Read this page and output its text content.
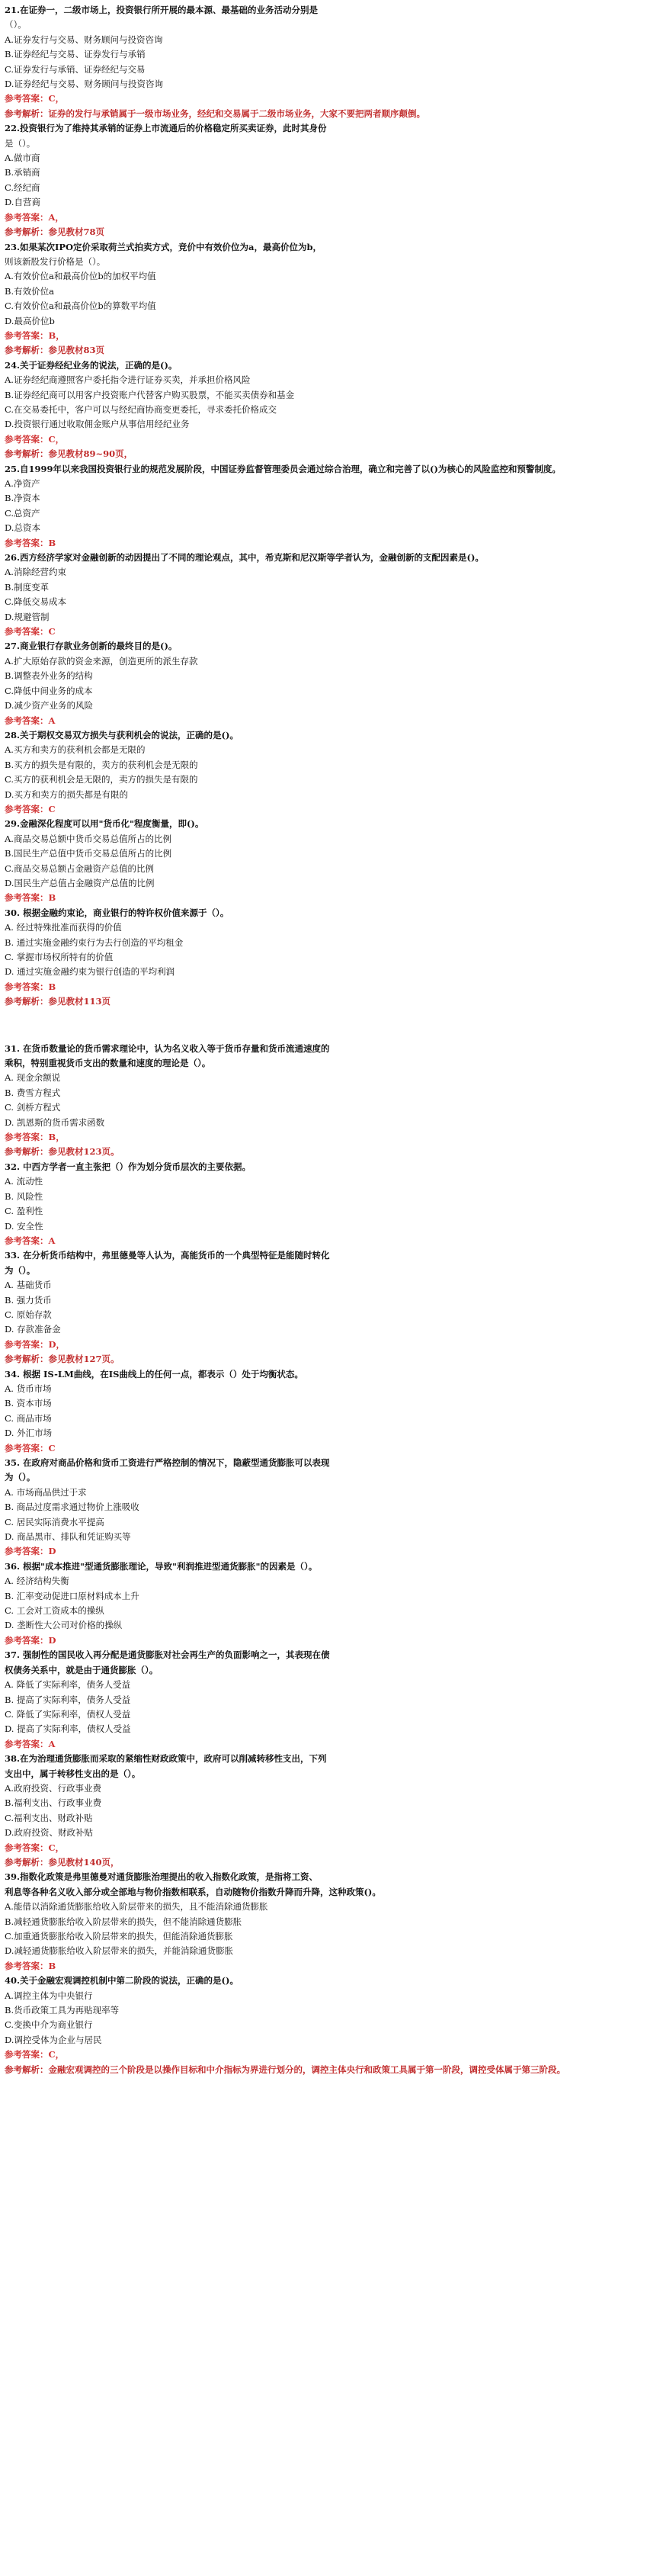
21.在证券一，二级市场上，投资银行所开展的最本源、最基础的业务活动分别是
（）。
A.证券发行与交易、财务顾问与投资咨询
B.证券经纪与交易、证券发行与承销
C.证券发行与承销、证券经纪与交易
D.证券经纪与交易、财务顾问与投资咨询
参考答案：C，
参考解析：证券的发行与承销属于一级市场业务，经纪和交易属于二级市场业务，大家不要把两者顺序颠倒。
22.投资银行为了维持其承销的证券上市流通后的价格稳定所买卖证券，此时其身份
是（）。
A.做市商
B.承销商
C.经纪商
D.自营商
参考答案：A，
参考解析：参见教材78页
23.如果某次IPO定价采取荷兰式拍卖方式，竞价中有效价位为a，最高价位为b，
则该新股发行价格是（）。
A.有效价位a和最高价位b的加权平均值
B.有效价位a
C.有效价位a和最高价位b的算数平均值
D.最高价位b
参考答案：B，
参考解析：参见教材83页
24.关于证券经纪业务的说法，正确的是()。
A.证券经纪商遵照客户委托指令进行证券买卖，并承担价格风险
B.证券经纪商可以用客户投资账户代替客户购买股票，不能买卖债券和基金
C.在交易委托中，客户可以与经纪商协商变更委托，寻求委托价格成交
D.投资银行通过收取佣金账户从事信用经纪业务
参考答案：C，
参考解析：参见教材89~90页，
25.自1999年以来我国投资银行业的规范发展阶段，中国证券监督管理委员会通过综合治理，确立和完善了以()为核心的风险监控和预警制度。
A.净资产
B.净资本
C.总资产
D.总资本
参考答案：B
26.西方经济学家对金融创新的动因提出了不同的理论观点，其中，希克斯和尼汉斯等学者认为，金融创新的支配因素是()。
A.消除经营约束
B.制度变革
C.降低交易成本
D.规避管制
参考答案：C
27.商业银行存款业务创新的最终目的是()。
A.扩大原始存款的资金来源，创造更所的派生存款
B.调整表外业务的结构
C.降低中间业务的成本
D.减少资产业务的风险
参考答案：A
28.关于期权交易双方损失与获利机会的说法，正确的是()。
A.买方和卖方的获利机会都是无限的
B.买方的损失是有限的，卖方的获利机会是无限的
C.买方的获利机会是无限的，卖方的损失是有限的
D.买方和卖方的损失都是有限的
参考答案：C
29.金融深化程度可以用"货币化"程度衡量，即()。
A.商品交易总额中货币交易总值所占的比例
B.国民生产总值中货币交易总值所占的比例
C.商品交易总额占金融资产总值的比例
D.国民生产总值占金融资产总值的比例
参考答案：B
30. 根据金融约束论，商业银行的特许权价值来源于（）。
A. 经过特殊批准而获得的价值
B. 通过实施金融约束行为去行创造的平均租金
C. 掌握市场权所特有的价值
D. 通过实施金融约束为银行创造的平均利润
参考答案：B
参考解析：参见教材113页
31. 在货币数量论的货币需求理论中，认为名义收入等于货币存量和货币流通速度的
乘积，特别重视货币支出的数量和速度的理论是（）。
A. 现金余额说
B. 费雪方程式
C. 剑桥方程式
D. 凯恩斯的货币需求函数
参考答案：B，
参考解析：参见教材123页。
32. 中西方学者一直主张把（）作为划分货币层次的主要依据。
A. 流动性
B. 风险性
C. 盈利性
D. 安全性
参考答案：A
33. 在分析货币结构中，弗里德曼等人认为，高能货币的一个典型特征是能随时转化
为（）。
A. 基础货币
B. 强力货币
C. 原始存款
D. 存款准备金
参考答案：D，
参考解析：参见教材127页。
34. 根据 IS-LM曲线，在IS曲线上的任何一点，都表示（）处于均衡状态。
A. 货币市场
B. 资本市场
C. 商品市场
D. 外汇市场
参考答案：C
35. 在政府对商品价格和货币工资进行严格控制的情况下，隐蔽型通货膨胀可以表现
为（）。
A. 市场商品供过于求
B. 商品过度需求通过物价上涨吸收
C. 居民实际消费水平提高
D. 商品黑市、排队和凭证购买等
参考答案：D
36. 根据"成本推进"型通货膨胀理论，导致"利润推进型通货膨胀"的因素是（）。
A. 经济结构失衡
B. 汇率变动促进口原材料成本上升
C. 工会对工资成本的操纵
D. 垄断性大公司对价格的操纵
参考答案：D
37. 强制性的国民收入再分配是通货膨胀对社会再生产的负面影响之一，其表现在债
权债务关系中，就是由于通货膨胀（）。
A. 降低了实际利率，债务人受益
B. 提高了实际利率，债务人受益
C. 降低了实际利率，债权人受益
D. 提高了实际利率，债权人受益
参考答案：A
38.在为治理通货膨胀而采取的紧缩性财政政策中，政府可以削减转移性支出，下列
支出中，属于转移性支出的是（）。
A.政府投资、行政事业费
B.福利支出、行政事业费
C.福利支出、财政补贴
D.政府投资、财政补贴
参考答案：C，
参考解析：参见教材140页，
39.指数化政策是弗里德曼对通货膨胀治理提出的收入指数化政策，是指将工资、
利息等各种名义收入部分或全部地与物价指数相联系，自动随物价指数升降而升降，这种政策()。
A.能借以消除通货膨胀给收入阶层带来的损失，且不能消除通货膨胀
B.减轻通货膨胀给收入阶层带来的损失，但不能消除通货膨胀
C.加重通货膨胀给收入阶层带来的损失，但能消除通货膨胀
D.减轻通货膨胀给收入阶层带来的损失，并能消除通货膨胀
参考答案：B
40.关于金融宏观调控机制中第二阶段的说法，正确的是()。
A.调控主体为中央银行
B.货币政策工具为再贴现率等
C.变换中介为商业银行
D.调控受体为企业与居民
参考答案：C，
参考解析：金融宏观调控的三个阶段是以操作目标和中介指标为界进行划分的，调控主体央行和政策工具属于第一阶段，调控受体属于第三阶段。
